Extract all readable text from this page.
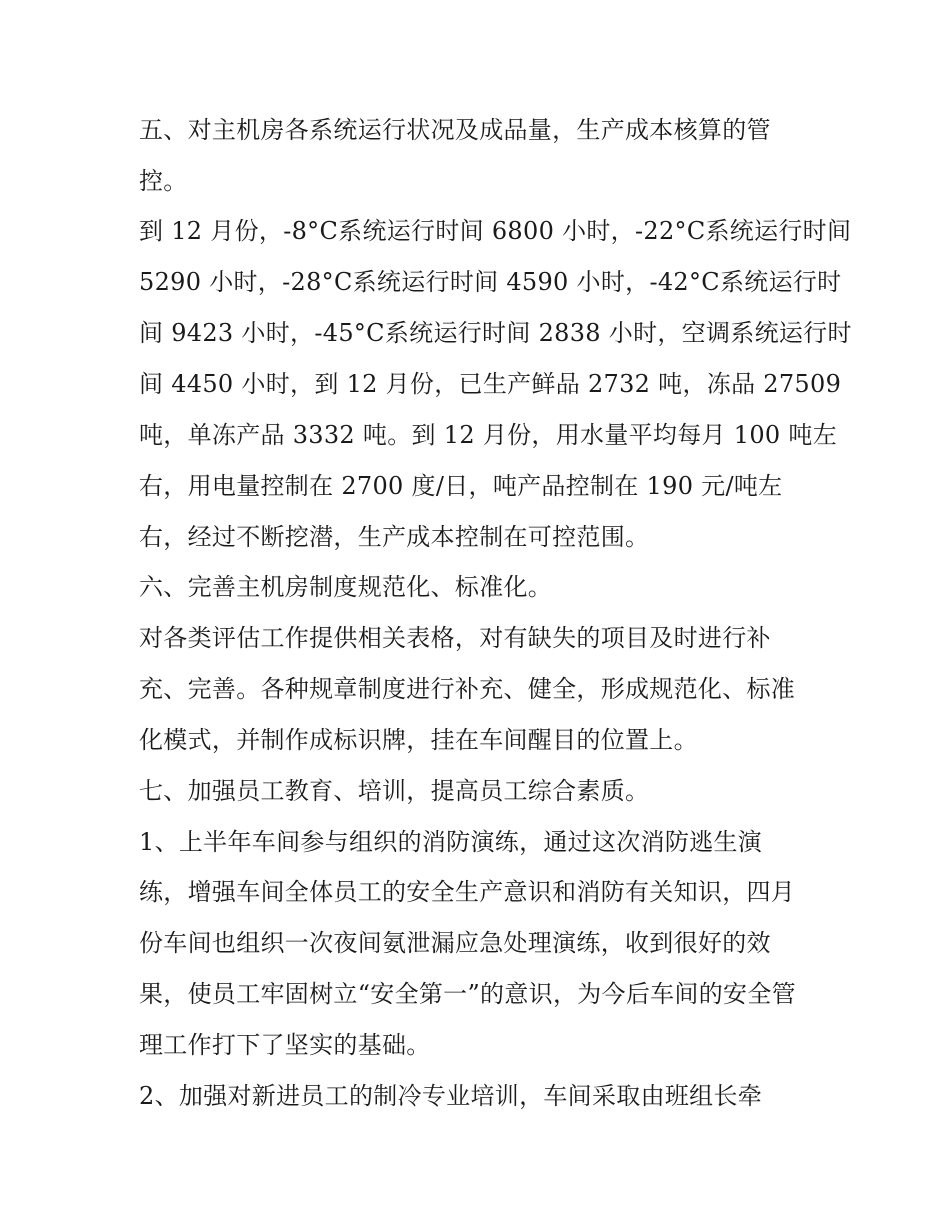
五、对主机房各系统运行状况及成品量，生产成本核算的管
控。
到 12 月份，-8°C系统运行时间 6800 小时，-22°C系统运行时间
5290 小时，-28°C系统运行时间 4590 小时，-42°C系统运行时
间 9423 小时，-45°C系统运行时间 2838 小时，空调系统运行时
间 4450 小时，到 12 月份，已生产鲜品 2732 吨，冻品 27509
吨，单冻产品 3332 吨。到 12 月份，用水量平均每月 100 吨左
右，用电量控制在 2700 度/日，吨产品控制在 190 元/吨左
右，经过不断挖潜，生产成本控制在可控范围。
六、完善主机房制度规范化、标准化。
对各类评估工作提供相关表格，对有缺失的项目及时进行补
充、完善。各种规章制度进行补充、健全，形成规范化、标准
化模式，并制作成标识牌，挂在车间醒目的位置上。
七、加强员工教育、培训，提高员工综合素质。
1、上半年车间参与组织的消防演练，通过这次消防逃生演
练，增强车间全体员工的安全生产意识和消防有关知识，四月
份车间也组织一次夜间氨泄漏应急处理演练，收到很好的效
果，使员工牢固树立“安全第一”的意识，为今后车间的安全管
理工作打下了坚实的基础。
2、加强对新进员工的制冷专业培训，车间采取由班组长牵
